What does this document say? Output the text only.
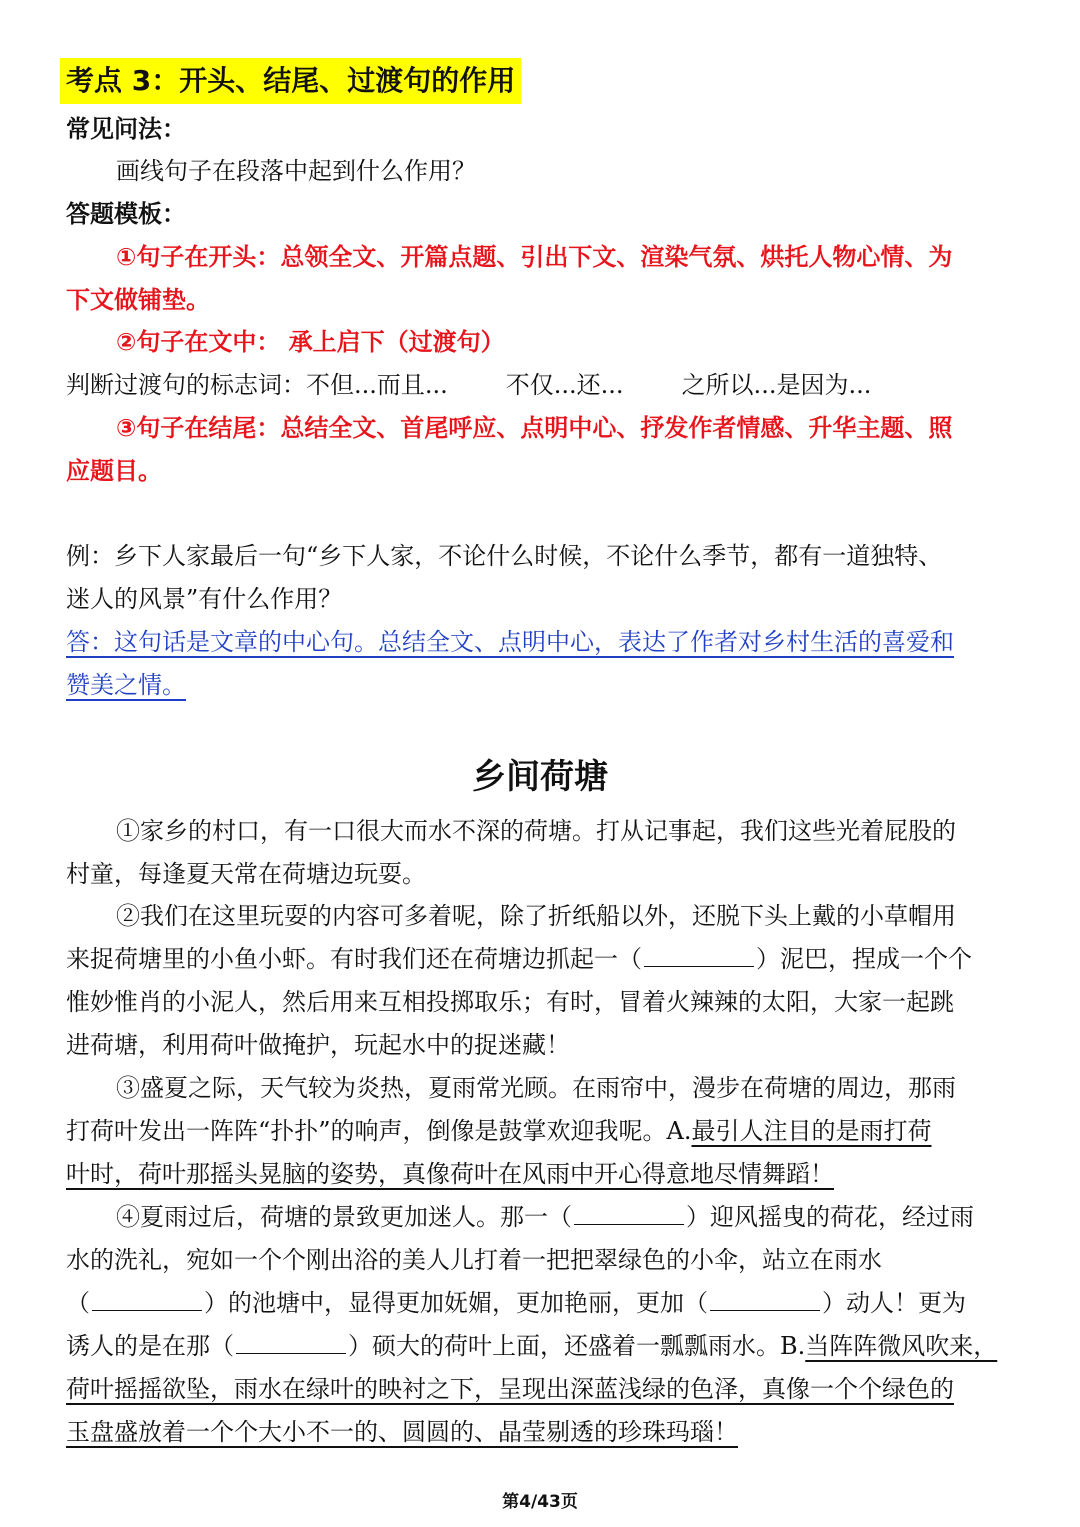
考点 3：开头、结尾、过渡句的作用
常见问法：
画线句子在段落中起到什么作用？
答题模板：
①句子在开头：总领全文、开篇点题、引出下文、渲染气氛、烘托人物心情、为
下文做铺垫。
②句子在文中： 承上启下（过渡句）
判断过渡句的标志词：不但...而且... 不仅...还... 之所以...是因为...
③句子在结尾：总结全文、首尾呼应、点明中心、抒发作者情感、升华主题、照
应题目。
例：乡下人家最后一句“乡下人家，不论什么时候，不论什么季节，都有一道独特、
迷人的风景”有什么作用？
答：这句话是文章的中心句。总结全文、点明中心，表达了作者对乡村生活的喜爱和
赞美之情。
乡间荷塘
①家乡的村口，有一口很大而水不深的荷塘。打从记事起，我们这些光着屁股的
村童，每逢夏天常在荷塘边玩耍。
②我们在这里玩耍的内容可多着呢，除了折纸船以外，还脱下头上戴的小草帽用
来捉荷塘里的小鱼小虾。有时我们还在荷塘边抓起一（	）泥巴，捏成一个个
惟妙惟肖的小泥人，然后用来互相投掷取乐；有时，冒着火辣辣的太阳，大家一起跳
进荷塘，利用荷叶做掩护，玩起水中的捉迷藏！
③盛夏之际，天气较为炎热，夏雨常光顾。在雨帘中，漫步在荷塘的周边，那雨
打荷叶发出一阵阵“扑扑”的响声，倒像是鼓掌欢迎我呢。A.最引人注目的是雨打荷
叶时，荷叶那摇头晃脑的姿势，真像荷叶在风雨中开心得意地尽情舞蹈！
④夏雨过后，荷塘的景致更加迷人。那一（	）迎风摇曳的荷花，经过雨
水的洗礼，宛如一个个刚出浴的美人儿打着一把把翠绿色的小伞，站立在雨水
（	）的池塘中，显得更加妩媚，更加艳丽，更加（	）动人！更为
诱人的是在那（	）硕大的荷叶上面，还盛着一瓢瓢雨水。B.当阵阵微风吹来，
荷叶摇摇欲坠，雨水在绿叶的映衬之下，呈现出深蓝浅绿的色泽，真像一个个绿色的
玉盘盛放着一个个大小不一的、圆圆的、晶莹剔透的珍珠玛瑙！
第4/43页
